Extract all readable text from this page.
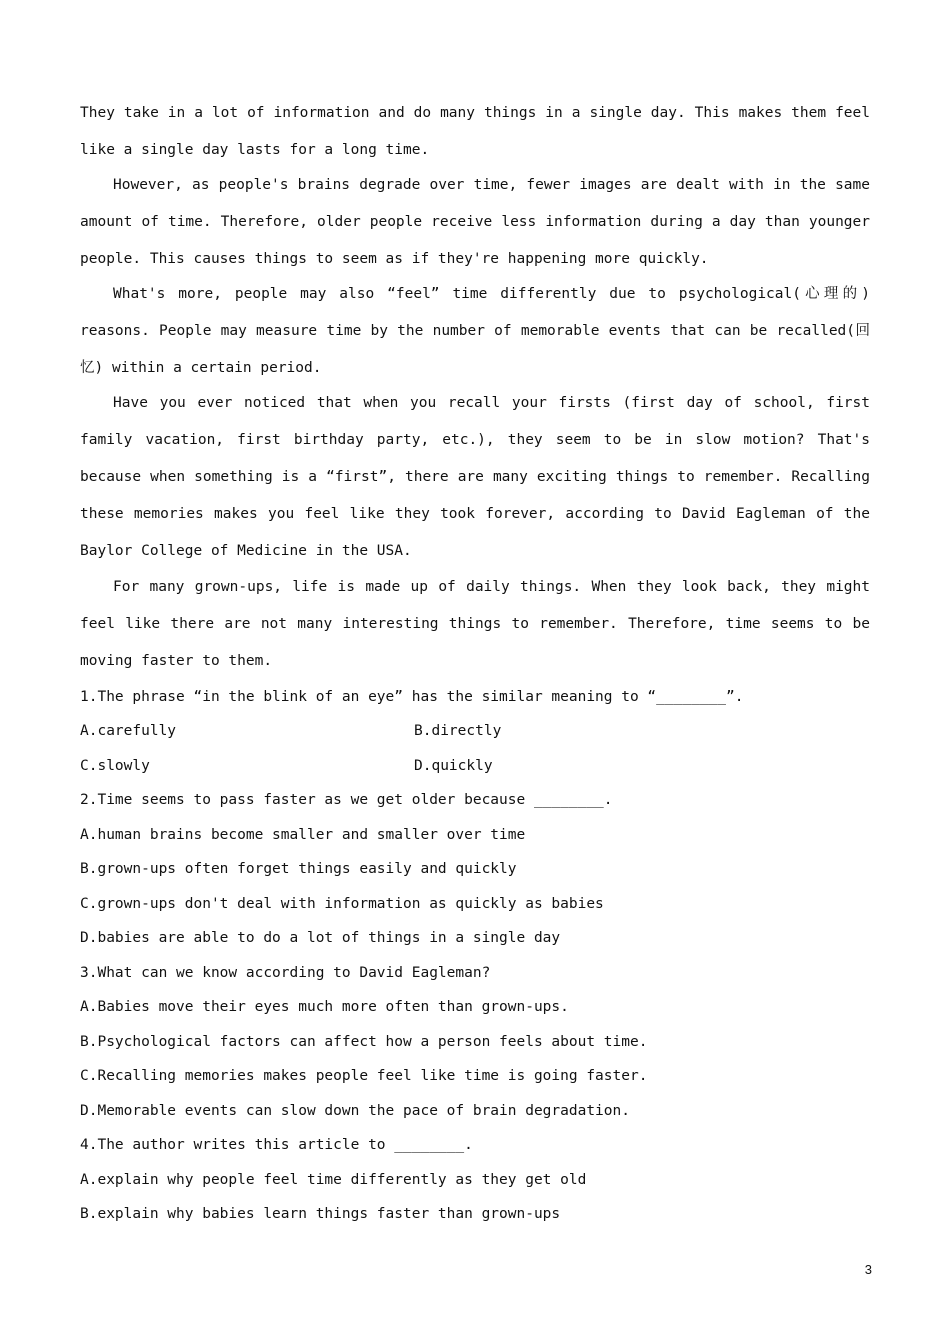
They take in a lot of information and do many things in a single day. This makes them feel like a single day lasts for a long time.

However, as people's brains degrade over time, fewer images are dealt with in the same amount of time. Therefore, older people receive less information during a day than younger people. This causes things to seem as if they're happening more quickly.

What's more, people may also “feel” time differently due to psychological(心理的) reasons. People may measure time by the number of memorable events that can be recalled(回忆) within a certain period.

Have you ever noticed that when you recall your firsts (first day of school, first family vacation, first birthday party, etc.), they seem to be in slow motion? That's because when something is a “first”, there are many exciting things to remember. Recalling these memories makes you feel like they took forever, according to David Eagleman of the Baylor College of Medicine in the USA.

For many grown-ups, life is made up of daily things. When they look back, they might feel like there are not many interesting things to remember. Therefore, time seems to be moving faster to them.

1.The phrase “in the blink of an eye” has the similar meaning to “________”.

A.carefully	B.directly

C.slowly	D.quickly

2.Time seems to pass faster as we get older because ________.

A.human brains become smaller and smaller over time

B.grown-ups often forget things easily and quickly

C.grown-ups don't deal with information as quickly as babies

D.babies are able to do a lot of things in a single day

3.What can we know according to David Eagleman?

A.Babies move their eyes much more often than grown-ups.

B.Psychological factors can affect how a person feels about time.

C.Recalling memories makes people feel like time is going faster.

D.Memorable events can slow down the pace of brain degradation.

4.The author writes this article to ________.

A.explain why people feel time differently as they get old

B.explain why babies learn things faster than grown-ups

3
